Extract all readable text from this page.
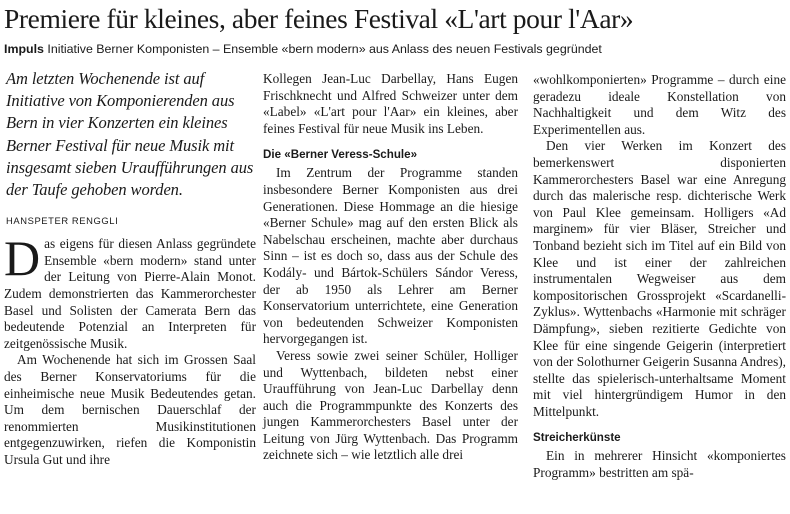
Premiere für kleines, aber feines Festival «L'art pour l'Aar»
Impuls Initiative Berner Komponisten – Ensemble «bern modern» aus Anlass des neuen Festivals gegründet
Am letzten Wochenende ist auf Initiative von Komponierenden aus Bern in vier Konzerten ein kleines Berner Festival für neue Musik mit insgesamt sieben Uraufführungen aus der Taufe gehoben worden.
HANSPETER RENGGLI

Das eigens für diesen Anlass gegründete Ensemble «bern modern» stand unter der Leitung von Pierre-Alain Monot. Zudem demonstrierten das Kammerorchester Basel und Solisten der Camerata Bern das bedeutende Potenzial an Interpreten für zeitgenössische Musik.

Am Wochenende hat sich im Grossen Saal des Berner Konservatoriums für die einheimische neue Musik Bedeutendes getan. Um dem bernischen Dauerschlaf der renommierten Musikinstitutionen entgegenzuwirken, riefen die Komponistin Ursula Gut und ihre

Kollegen Jean-Luc Darbellay, Hans Eugen Frischknecht und Alfred Schweizer unter dem «Label» «L'art pour l'Aar» ein kleines, aber feines Festival für neue Musik ins Leben.

Die «Berner Veress-Schule»

Im Zentrum der Programme standen insbesondere Berner Komponisten aus drei Generationen. Diese Hommage an die hiesige «Berner Schule» mag auf den ersten Blick als Nabelschau erscheinen, machte aber durchaus Sinn – ist es doch so, dass aus der Schule des Kodály- und Bártok-Schülers Sándor Veress, der ab 1950 als Lehrer am Berner Konservatorium unterrichtete, eine Generation von bedeutenden Schweizer Komponisten hervorgegangen ist.

Veress sowie zwei seiner Schüler, Holliger und Wyttenbach, bildeten nebst einer Uraufführung von Jean-Luc Darbellay denn auch die Programmpunkte des Konzerts des jungen Kammerorchesters Basel unter der Leitung von Jürg Wyttenbach. Das Programm zeichnete sich – wie letztlich alle drei

«wohlkomponierten» Programme – durch eine geradezu ideale Konstellation von Nachhaltigkeit und dem Witz des Experimentellen aus.

Den vier Werken im Konzert des bemerkenswert disponierten Kammerorchesters Basel war eine Anregung durch das malerische resp. dichterische Werk von Paul Klee gemeinsam. Holligers «Ad marginem» für vier Bläser, Streicher und Tonband bezieht sich im Titel auf ein Bild von Klee und ist einer der zahlreichen instrumentalen Wegweiser aus dem kompositorischen Grossprojekt «Scardanelli-Zyklus». Wyttenbachs «Harmonie mit schräger Dämpfung», sieben rezitierte Gedichte von Klee für eine singende Geigerin (interpretiert von der Solothurner Geigerin Susanna Andres), stellte das spielerisch-unterhaltsame Moment mit viel hintergründigem Humor in den Mittelpunkt.

Streicherkünste

Ein in mehrerer Hinsicht «komponiertes Programm» bestritten am spä-
